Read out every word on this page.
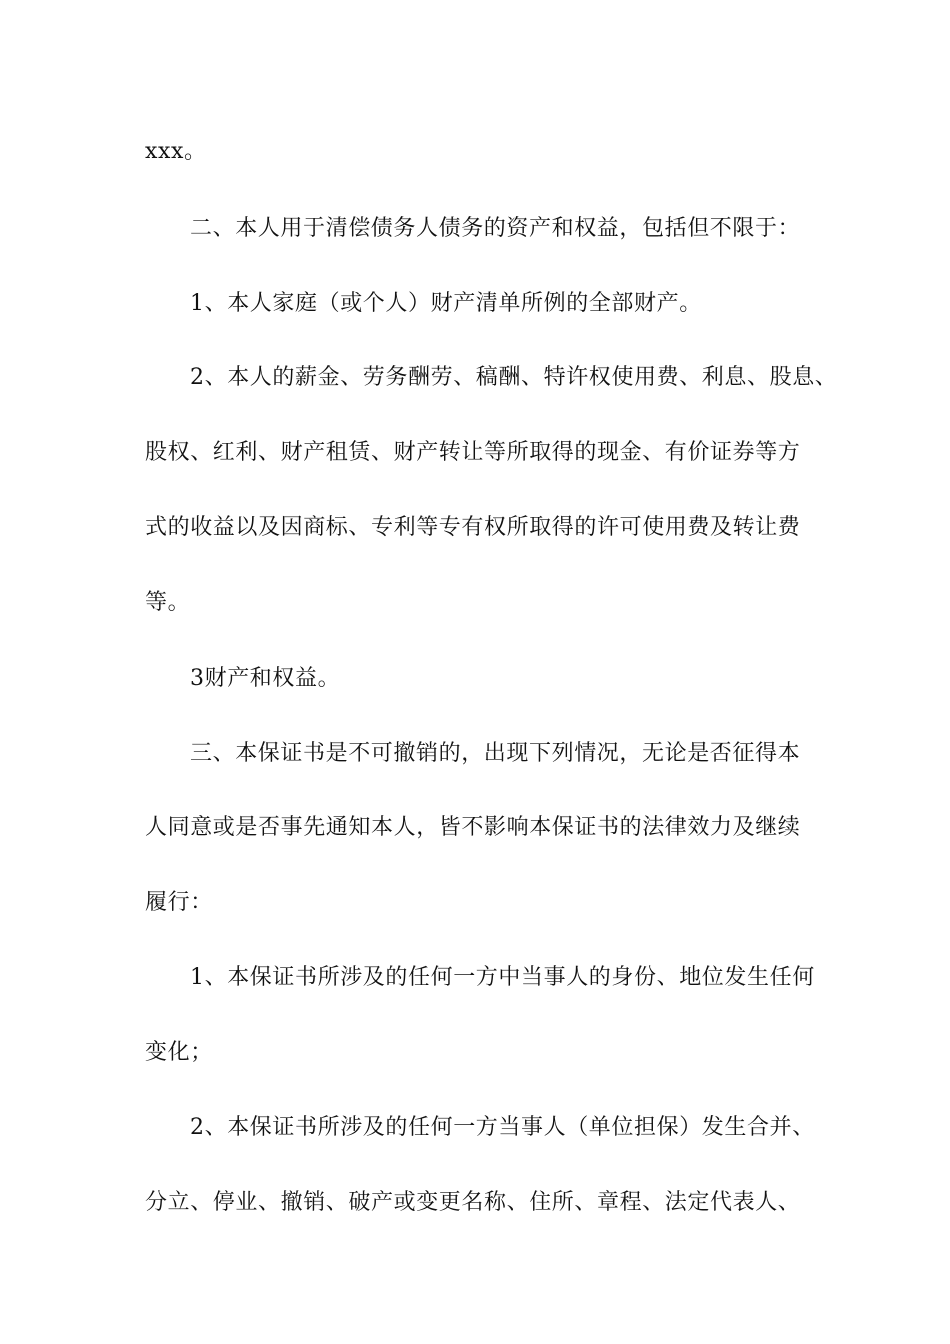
xxx。
二、本人用于清偿债务人债务的资产和权益，包括但不限于：
1、本人家庭（或个人）财产清单所例的全部财产。
2、本人的薪金、劳务酬劳、稿酬、特许权使用费、利息、股息、
股权、红利、财产租赁、财产转让等所取得的现金、有价证券等方
式的收益以及因商标、专利等专有权所取得的许可使用费及转让费
等。
3财产和权益。
三、本保证书是不可撤销的，出现下列情况，无论是否征得本
人同意或是否事先通知本人，皆不影响本保证书的法律效力及继续
履行：
1、本保证书所涉及的任何一方中当事人的身份、地位发生任何
变化；
2、本保证书所涉及的任何一方当事人（单位担保）发生合并、
分立、停业、撤销、破产或变更名称、住所、章程、法定代表人、
